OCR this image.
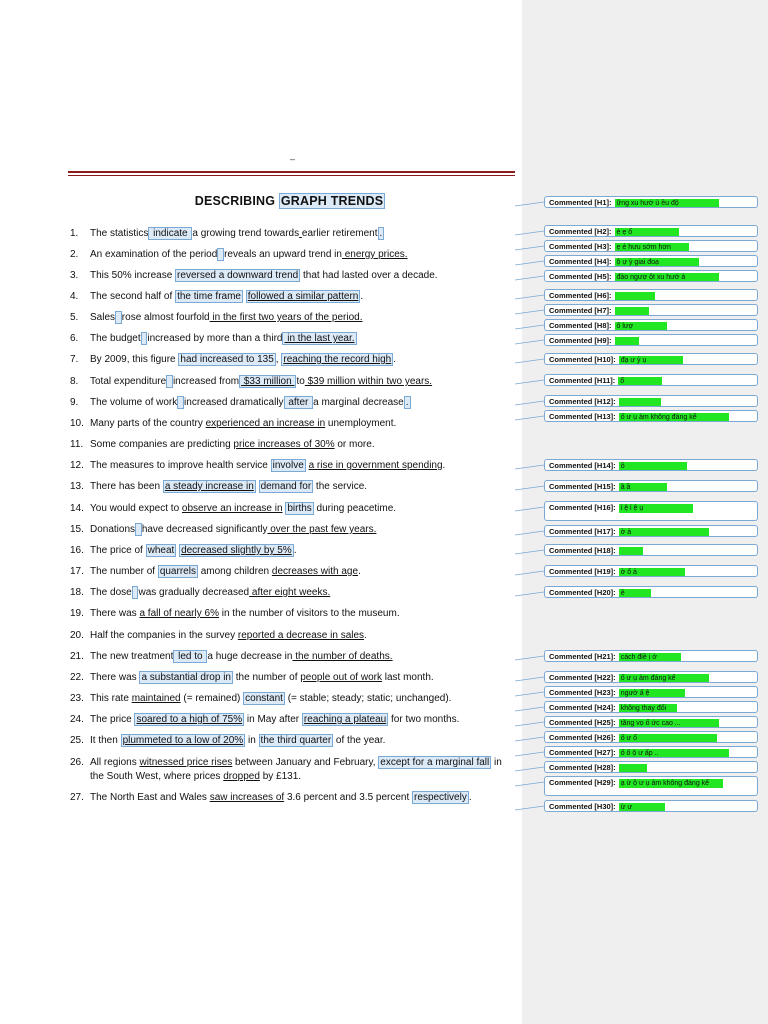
–
DESCRIBING GRAPH TRENDS
1. The statistics indicate a growing trend towards earlier retirement .
2. An examination of the period reveals an upward trend in energy prices.
3. This 50% increase reversed a downward trend that had lasted over a decade.
4. The second half of the time frame followed a similar pattern .
5. Sales rose almost fourfold in the first two years of the period.
6. The budget increased by more than a third in the last year.
7. By 2009, this figure had increased to 135 , reaching the record high .
8. Total expenditure increased from $33 million to $39 million within two years.
9. The volume of work increased dramatically after a marginal decrease .
10. Many parts of the country experienced an increase in unemployment.
11. Some companies are predicting price increases of 30% or more.
12. The measures to improve health service involve a rise in government spending.
13. There has been a steady increase in demand for the service.
14. You would expect to observe an increase in births during peacetime.
15. Donations have decreased significantly over the past few years.
16. The price of wheat decreased slightly by 5% .
17. The number of quarrels among children decreases with age.
18. The dose was gradually decreased after eight weeks.
19. There was a fall of nearly 6% in the number of visitors to the museum.
20. Half the companies in the survey reported a decrease in sales.
21. The new treatment led to a huge decrease in the number of deaths.
22. There was a substantial drop in the number of people out of work last month.
23. This rate maintained (= remained) constant (= stable; steady; static; unchanged).
24. The price soared to a high of 75% in May after reaching a plateau for two months.
25. It then plummeted to a low of 20% in the third quarter of the year.
26. All regions witnessed price rises between January and February, except for a marginal fall in
the South West, where prices dropped by £131.
27. The North East and Wales saw increases of 3.6 percent and 3.5 percent respectively .
Commented [H1]: ững xu hướ ủ ều độ
Commented [H2]: ẻ ẹ ố
Commented [H3]:ẹ ẻ hưu sớm hơn
Commented [H4]:ộ ự ỳ giai đoạ
Commented [H5]: đảo ngượ ột xu hướ ả
Commented [H6]:
Commented [H7]:
Commented [H8]: ố lượ
Commented [H9]:
Commented [H10]: đạ ư ỷ ụ
Commented [H11]: ổ
Commented [H12]:
Commented [H13]:ố ư ụ ảm không đáng kể
Commented [H14]:ồ
Commented [H15]:ầ ầ
Commented [H16]:ỉ ệ ỉ ệ ụ
Commented [H17]:ờ ả
Commented [H18]:
Commented [H19]:ờ ổ ả
Commented [H20]: ề
Commented [H21]: cách điề ị ớ
Commented [H22]:ố ư ụ ảm đáng kể
Commented [H23]: ngườ ấ ệ
Commented [H24]: không thay đổi
Commented [H25]: tăng vọ ố ức cao ...
Commented [H26]:ố ư ố
Commented [H27]:ố ố ộ ư ấp ..
Commented [H28]:
Commented [H29]:ạ ừ ộ ư ụ ảm không đáng kể
Commented [H30]:ừ ư
